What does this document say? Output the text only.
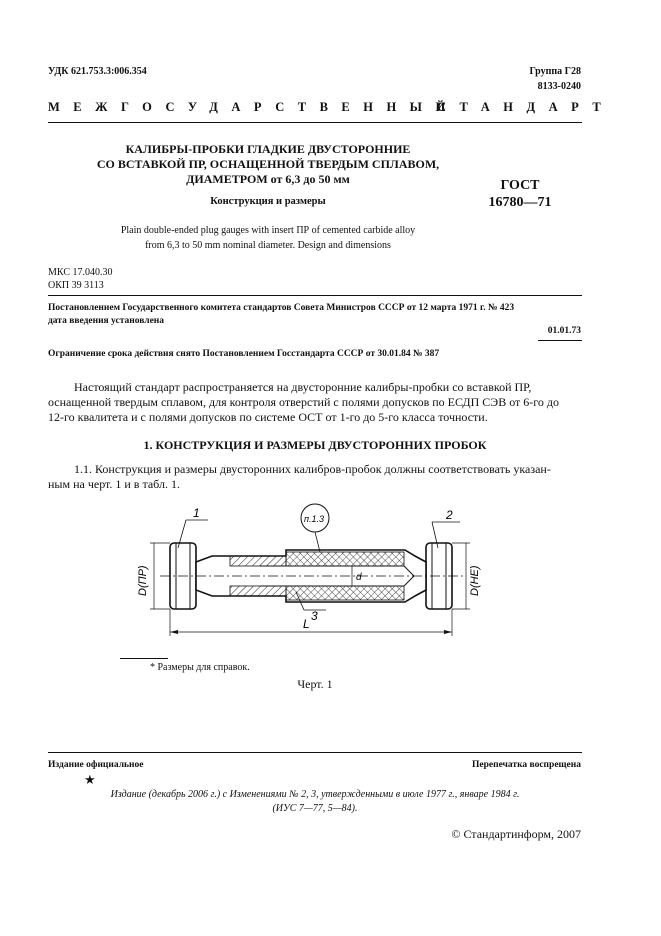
УДК 621.753.3:006.354	Группа Г28
8133-0240
МЕЖГОСУДАРСТВЕННЫЙ
СТАНДАРТ
КАЛИБРЫ-ПРОБКИ ГЛАДКИЕ ДВУСТОРОННИЕ
СО ВСТАВКОЙ ПР, ОСНАЩЕННОЙ ТВЕРДЫМ СПЛАВОМ,
ДИАМЕТРОМ от 6,3 до 50 мм
Конструкция и размеры
Plain double-ended plug gauges with insert ПР of cemented carbide alloy
from 6,3 to 50 mm nominal diameter. Design and dimensions
ГОСТ
16780—71
МКС 17.040.30
ОКП 39 3113
Постановлением Государственного комитета стандартов Совета Министров СССР от 12 марта 1971 г. № 423
дата введения установлена
01.01.73
Ограничение срока действия снято Постановлением Госстандарта СССР от 30.01.84 № 387
Настоящий стандарт распространяется на двусторонние калибры-пробки со вставкой ПР,
оснащенной твердым сплавом, для контроля отверстий с полями допусков по ЕСДП СЭВ от 6-го до
12-го квалитета и с полями допусков по системе ОСТ от 1-го до 5-го класса точности.
1. КОНСТРУКЦИЯ И РАЗМЕРЫ ДВУСТОРОННИХ ПРОБОК
1.1. Конструкция и размеры двусторонних калибров-пробок должны соответствовать указан-
ным на черт. 1 и в табл. 1.
d
D(ПР)	D(НЕ)
L
1	2
п.1.3
3
* Размеры для справок.
Черт. 1
Издание официальное	Перепечатка воспрещена
★
Издание (декабрь 2006 г.) с Изменениями № 2, 3, утвержденными в июле 1977 г., январе 1984 г.
(ИУС 7—77, 5—84).
© Стандартинформ, 2007
